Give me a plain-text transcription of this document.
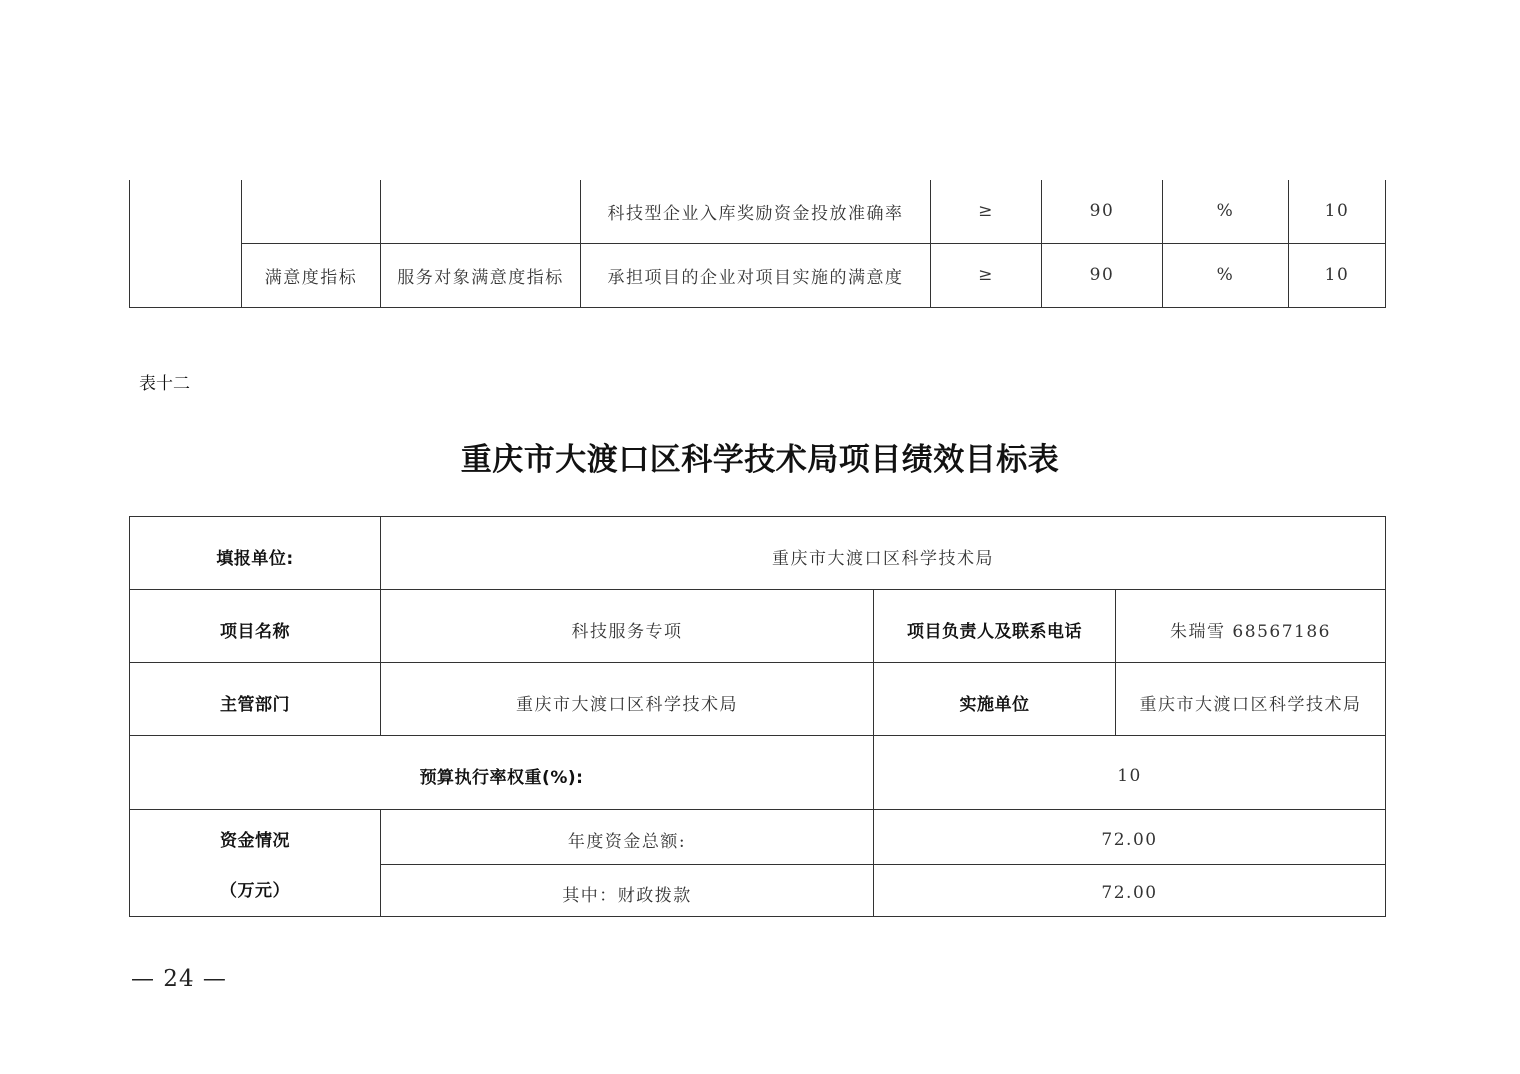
			科技型企业入库奖励资金投放准确率	≥	90	%	10
	满意度指标	服务对象满意度指标	承担项目的企业对项目实施的满意度	≥	90	%	10
表十二
重庆市大渡口区科学技术局项目绩效目标表
填报单位:	重庆市大渡口区科学技术局		
项目名称	科技服务专项	项目负责人及联系电话	朱瑞雪 68567186
主管部门	重庆市大渡口区科学技术局	实施单位	重庆市大渡口区科学技术局
预算执行率权重(%):		10	

资金情况
（万元）	年度资金总额:	72.00	
	其中：财政拨款	72.00	
— 24 —
